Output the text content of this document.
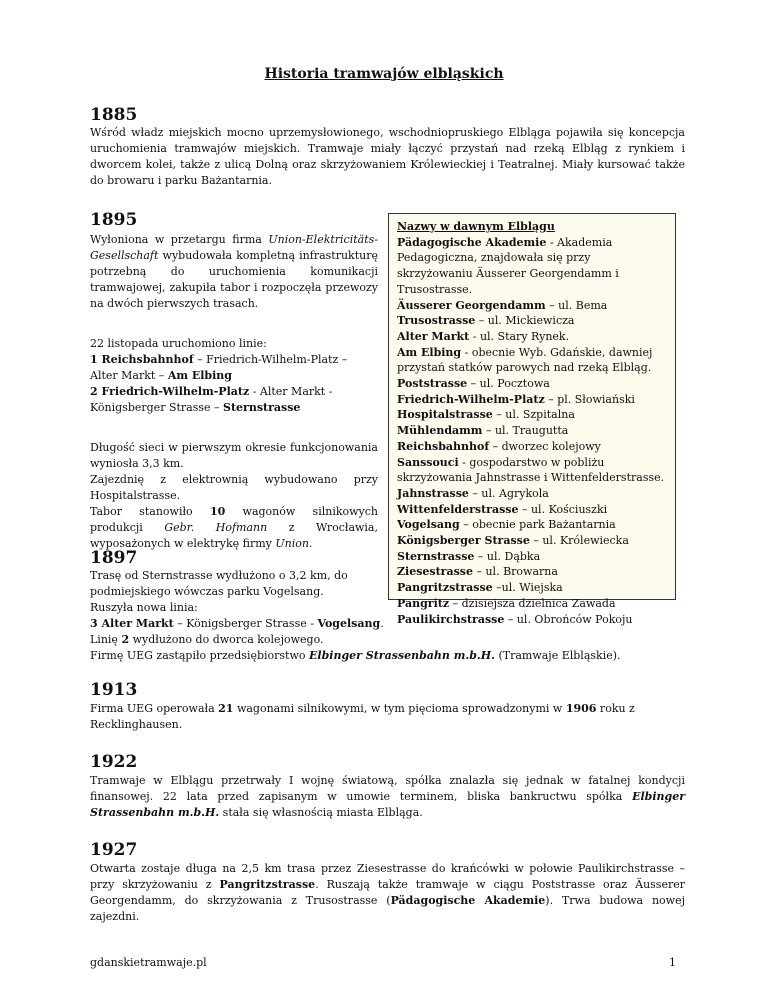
Historia tramwajów elbląskich
1885

Wśród władz miejskich mocno uprzemysłowionego, wschodniopruskiego Elbląga pojawiła się koncepcja uruchomienia tramwajów miejskich. Tramwaje miały łączyć przystań nad rzeką Elbląg z rynkiem i dworcem kolei, także z ulicą Dolną oraz skrzyżowaniem Królewieckiej i Teatralnej. Miały kursować także do browaru i parku Bażantarnia.

1895

Wyłoniona w przetargu firma Union-Elektricitäts-Gesellschaft wybudowała kompletną infrastrukturę potrzebną do uruchomienia komunikacji tramwajowej, zakupiła tabor i rozpoczęła przewozy na dwóch pierwszych trasach.

22 listopada uruchomiono linie:

1 Reichsbahnhof – Friedrich-Wilhelm-Platz – Alter Markt – Am Elbing

2 Friedrich-Wilhelm-Platz - Alter Markt - Königsberger Strasse – Sternstrasse

Długość sieci w pierwszym okresie funkcjonowania wyniosła 3,3 km.

Zajezdnię z elektrownią wybudowano przy Hospitalstrasse.

Tabor stanowiło 10 wagonów silnikowych produkcji Gebr. Hofmann z Wrocławia, wyposażonych w elektrykę firmy Union.

Nazwy w dawnym Elblągu
Pädagogische Akademie - Akademia Pedagogiczna, znajdowała się przy skrzyżowaniu Äusserer Georgendamm i Trusostrasse.
Äusserer Georgendamm – ul. Bema
Trusostrasse – ul. Mickiewicza
Alter Markt - ul. Stary Rynek.
Am Elbing - obecnie Wyb. Gdańskie, dawniej przystań statków parowych nad rzeką Elbląg.
Poststrasse – ul. Pocztowa
Friedrich-Wilhelm-Platz – pl. Słowiański
Hospitalstrasse – ul. Szpitalna
Mühlendamm – ul. Traugutta
Reichsbahnhof – dworzec kolejowy
Sanssouci - gospodarstwo w pobliżu skrzyżowania Jahnstrasse i Wittenfelderstrasse.
Jahnstrasse – ul. Agrykola
Wittenfelderstrasse – ul. Kościuszki
Vogelsang – obecnie park Bażantarnia
Königsberger Strasse – ul. Królewiecka
Sternstrasse – ul. Dąbka
Ziesestrasse – ul. Browarna
Pangritzstrasse –ul. Wiejska
Pangritz – dzisiejsza dzielnica Zawada
Paulikirchstrasse – ul. Obrońców Pokoju
1897

Trasę od Sternstrasse wydłużono o 3,2 km, do

podmiejskiego wówczas parku Vogelsang.

Ruszyła nowa linia:

3 Alter Markt – Königsberger Strasse - Vogelsang.

Linię 2 wydłużono do dworca kolejowego.

Firmę UEG zastąpiło przedsiębiorstwo Elbinger Strassenbahn m.b.H. (Tramwaje Elbląskie).

1913

Firma UEG operowała 21 wagonami silnikowymi, w tym pięcioma sprowadzonymi w 1906 roku z Recklinghausen.

1922

Tramwaje w Elblągu przetrwały I wojnę światową, spółka znalazła się jednak w fatalnej kondycji finansowej. 22 lata przed zapisanym w umowie terminem, bliska bankructwu spółka Elbinger Strassenbahn m.b.H. stała się własnością miasta Elbląga.

1927

Otwarta zostaje długa na 2,5 km trasa przez Ziesestrasse do krańcówki w połowie Paulikirchstrasse – przy skrzyżowaniu z Pangritzstrasse. Ruszają także tramwaje w ciągu Poststrasse oraz Äusserer Georgendamm, do skrzyżowania z Trusostrasse (Pädagogische Akademie). Trwa budowa nowej zajezdni.

gdanskietramwaje.pl	1
